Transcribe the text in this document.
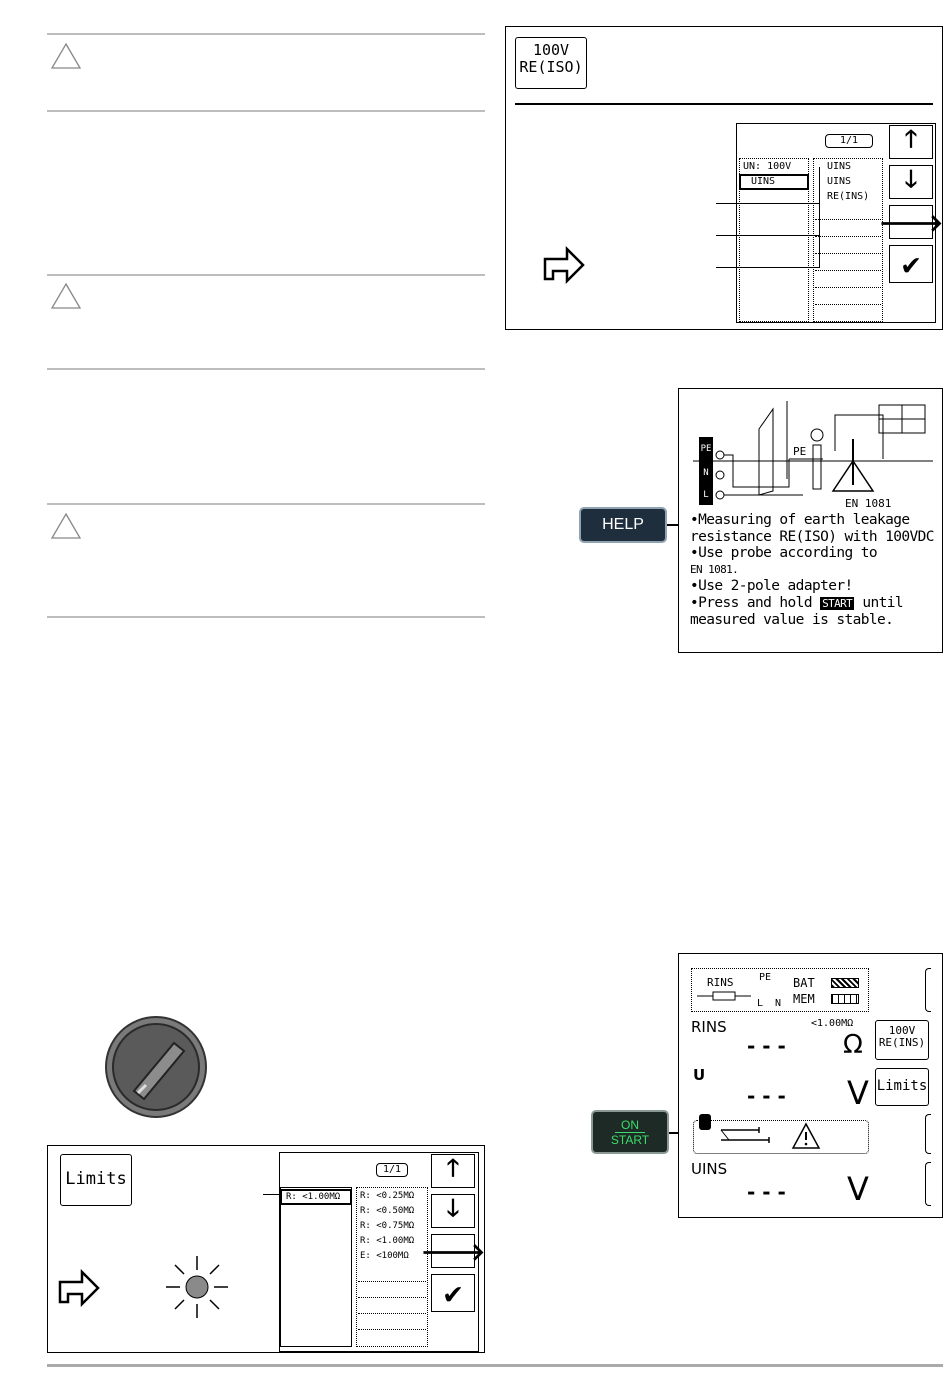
100V
RE(ISO)
1/1
UN: 100V
UINS
UINS
UINS
RE(INS)
🡑
🡓
🡒
✔
HELP
PE
N
L
PE
EN 1081
•Measuring of earth leakage
resistance RE(ISO) with 100VDC
•Use probe according to
EN 1081.
•Use 2-pole adapter!
•Press and hold START until
measured value is stable.
Limits	1/1
R: <1.00MΩ	R: <0.25MΩ
R: <0.50MΩ
R: <0.75MΩ
R: <1.00MΩ
E: <100MΩ
🡑
🡓
🡒
✔
ON
START
RINS	PE
L N
BAT
MEM
RINS	<1.00MΩ
- - - Ω
U
- - - V
UINS
- - - V
100V
RE(INS)
Limits
